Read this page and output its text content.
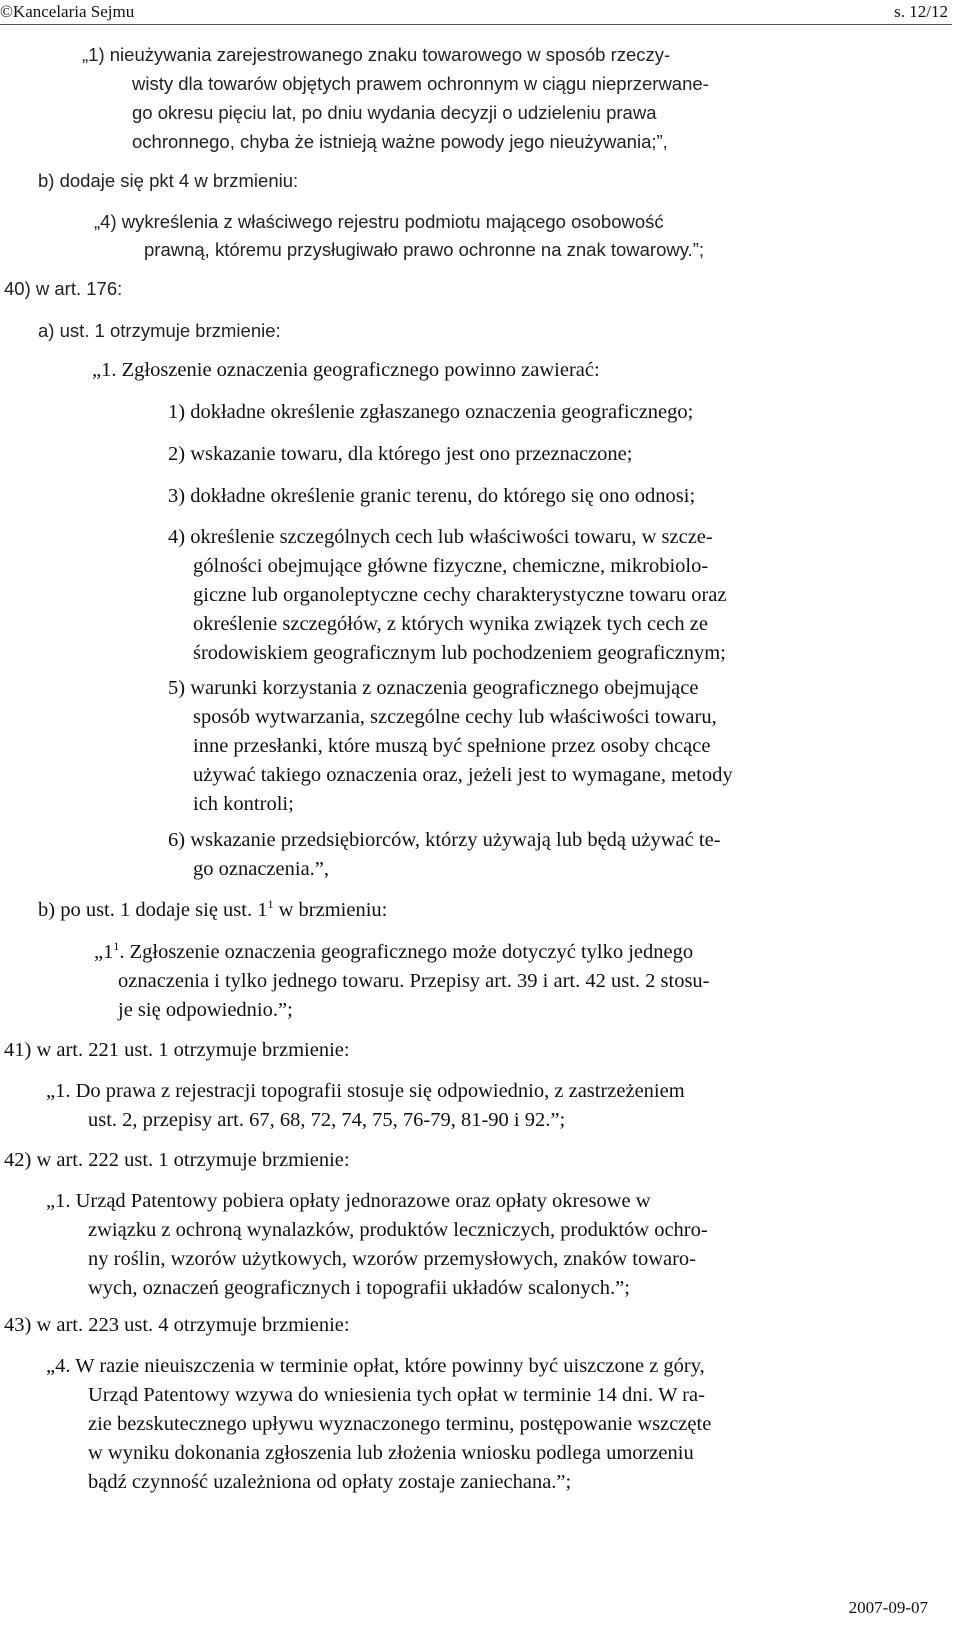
©Kancelaria Sejmu	s. 12/12
„1) nieużywania zarejestrowanego znaku towarowego w sposób rzeczy-
wisty dla towarów objętych prawem ochronnym w ciągu nieprzerwane-
go okresu pięciu lat, po dniu wydania decyzji o udzieleniu prawa
ochronnego, chyba że istnieją ważne powody jego nieużywania;”,
b) dodaje się pkt 4 w brzmieniu:
„4) wykreślenia z właściwego rejestru podmiotu mającego osobowość
prawną, któremu przysługiwało prawo ochronne na znak towarowy.”;
40) w art. 176:
a) ust. 1 otrzymuje brzmienie:
„1. Zgłoszenie oznaczenia geograficznego powinno zawierać:
1) dokładne określenie zgłaszanego oznaczenia geograficznego;
2) wskazanie towaru, dla którego jest ono przeznaczone;
3) dokładne określenie granic terenu, do którego się ono odnosi;
4) określenie szczególnych cech lub właściwości towaru, w szcze-
gólności obejmujące główne fizyczne, chemiczne, mikrobiolo-
giczne lub organoleptyczne cechy charakterystyczne towaru oraz
określenie szczegółów, z których wynika związek tych cech ze
środowiskiem geograficznym lub pochodzeniem geograficznym;
5) warunki korzystania z oznaczenia geograficznego obejmujące
sposób wytwarzania, szczególne cechy lub właściwości towaru,
inne przesłanki, które muszą być spełnione przez osoby chcące
używać takiego oznaczenia oraz, jeżeli jest to wymagane, metody
ich kontroli;
6) wskazanie przedsiębiorców, którzy używają lub będą używać te-
go oznaczenia.”,
b) po ust. 1 dodaje się ust. $1^1$ w brzmieniu:
$„1^1$. Zgłoszenie oznaczenia geograficznego może dotyczyć tylko jednego
oznaczenia i tylko jednego towaru. Przepisy art. 39 i art. 42 ust. 2 stosu-
je się odpowiednio.”;
41) w art. 221 ust. 1 otrzymuje brzmienie:
„1. Do prawa z rejestracji topografii stosuje się odpowiednio, z zastrzeżeniem
ust. 2, przepisy art. 67, 68, 72, 74, 75, 76-79, 81-90 i 92.”;
42) w art. 222 ust. 1 otrzymuje brzmienie:
„1. Urząd Patentowy pobiera opłaty jednorazowe oraz opłaty okresowe w
związku z ochroną wynalazków, produktów leczniczych, produktów ochro-
ny roślin, wzorów użytkowych, wzorów przemysłowych, znaków towaro-
wych, oznaczeń geograficznych i topografii układów scalonych.”;
43) w art. 223 ust. 4 otrzymuje brzmienie:
„4. W razie nieuiszczenia w terminie opłat, które powinny być uiszczone z góry,
Urząd Patentowy wzywa do wniesienia tych opłat w terminie 14 dni. W ra-
zie bezskutecznego upływu wyznaczonego terminu, postępowanie wszczęte
w wyniku dokonania zgłoszenia lub złożenia wniosku podlega umorzeniu
bądź czynność uzależniona od opłaty zostaje zaniechana.”;
2007-09-07
